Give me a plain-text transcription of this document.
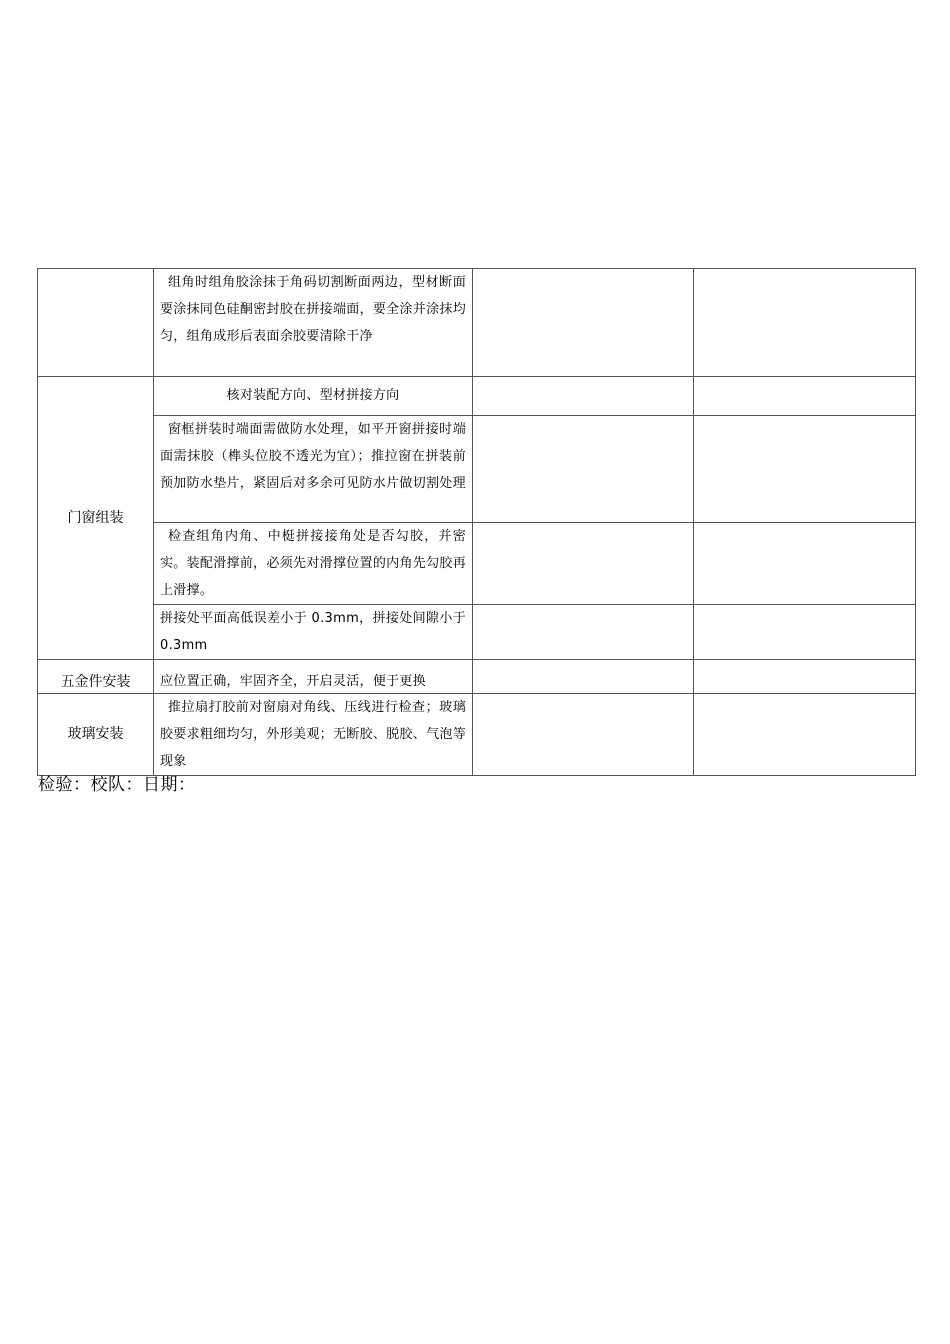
	组角时组角胶涂抹于角码切割断面两边，型材断面要涂抹同色硅酮密封胶在拼接端面，要全涂并涂抹均匀，组角成形后表面余胶要清除干净		
门窗组装	核对装配方向、型材拼接方向		
	窗框拼装时端面需做防水处理，如平开窗拼接时端面需抹胶（榫头位胶不透光为宜）；推拉窗在拼装前预加防水垫片，紧固后对多余可见防水片做切割处理		
	检查组角内角、中梃拼接接角处是否勾胶，并密实。装配滑撑前，必须先对滑撑位置的内角先勾胶再上滑撑。		
	拼接处平面高低误差小于 0.3mm，拼接处间隙小于 0.3mm		
五金件安装	应位置正确，牢固齐全，开启灵活，便于更换		
玻璃安装	推拉扇打胶前对窗扇对角线、压线进行检查；玻璃胶要求粗细均匀，外形美观；无断胶、脱胶、气泡等现象		
检验：校队：日期：
